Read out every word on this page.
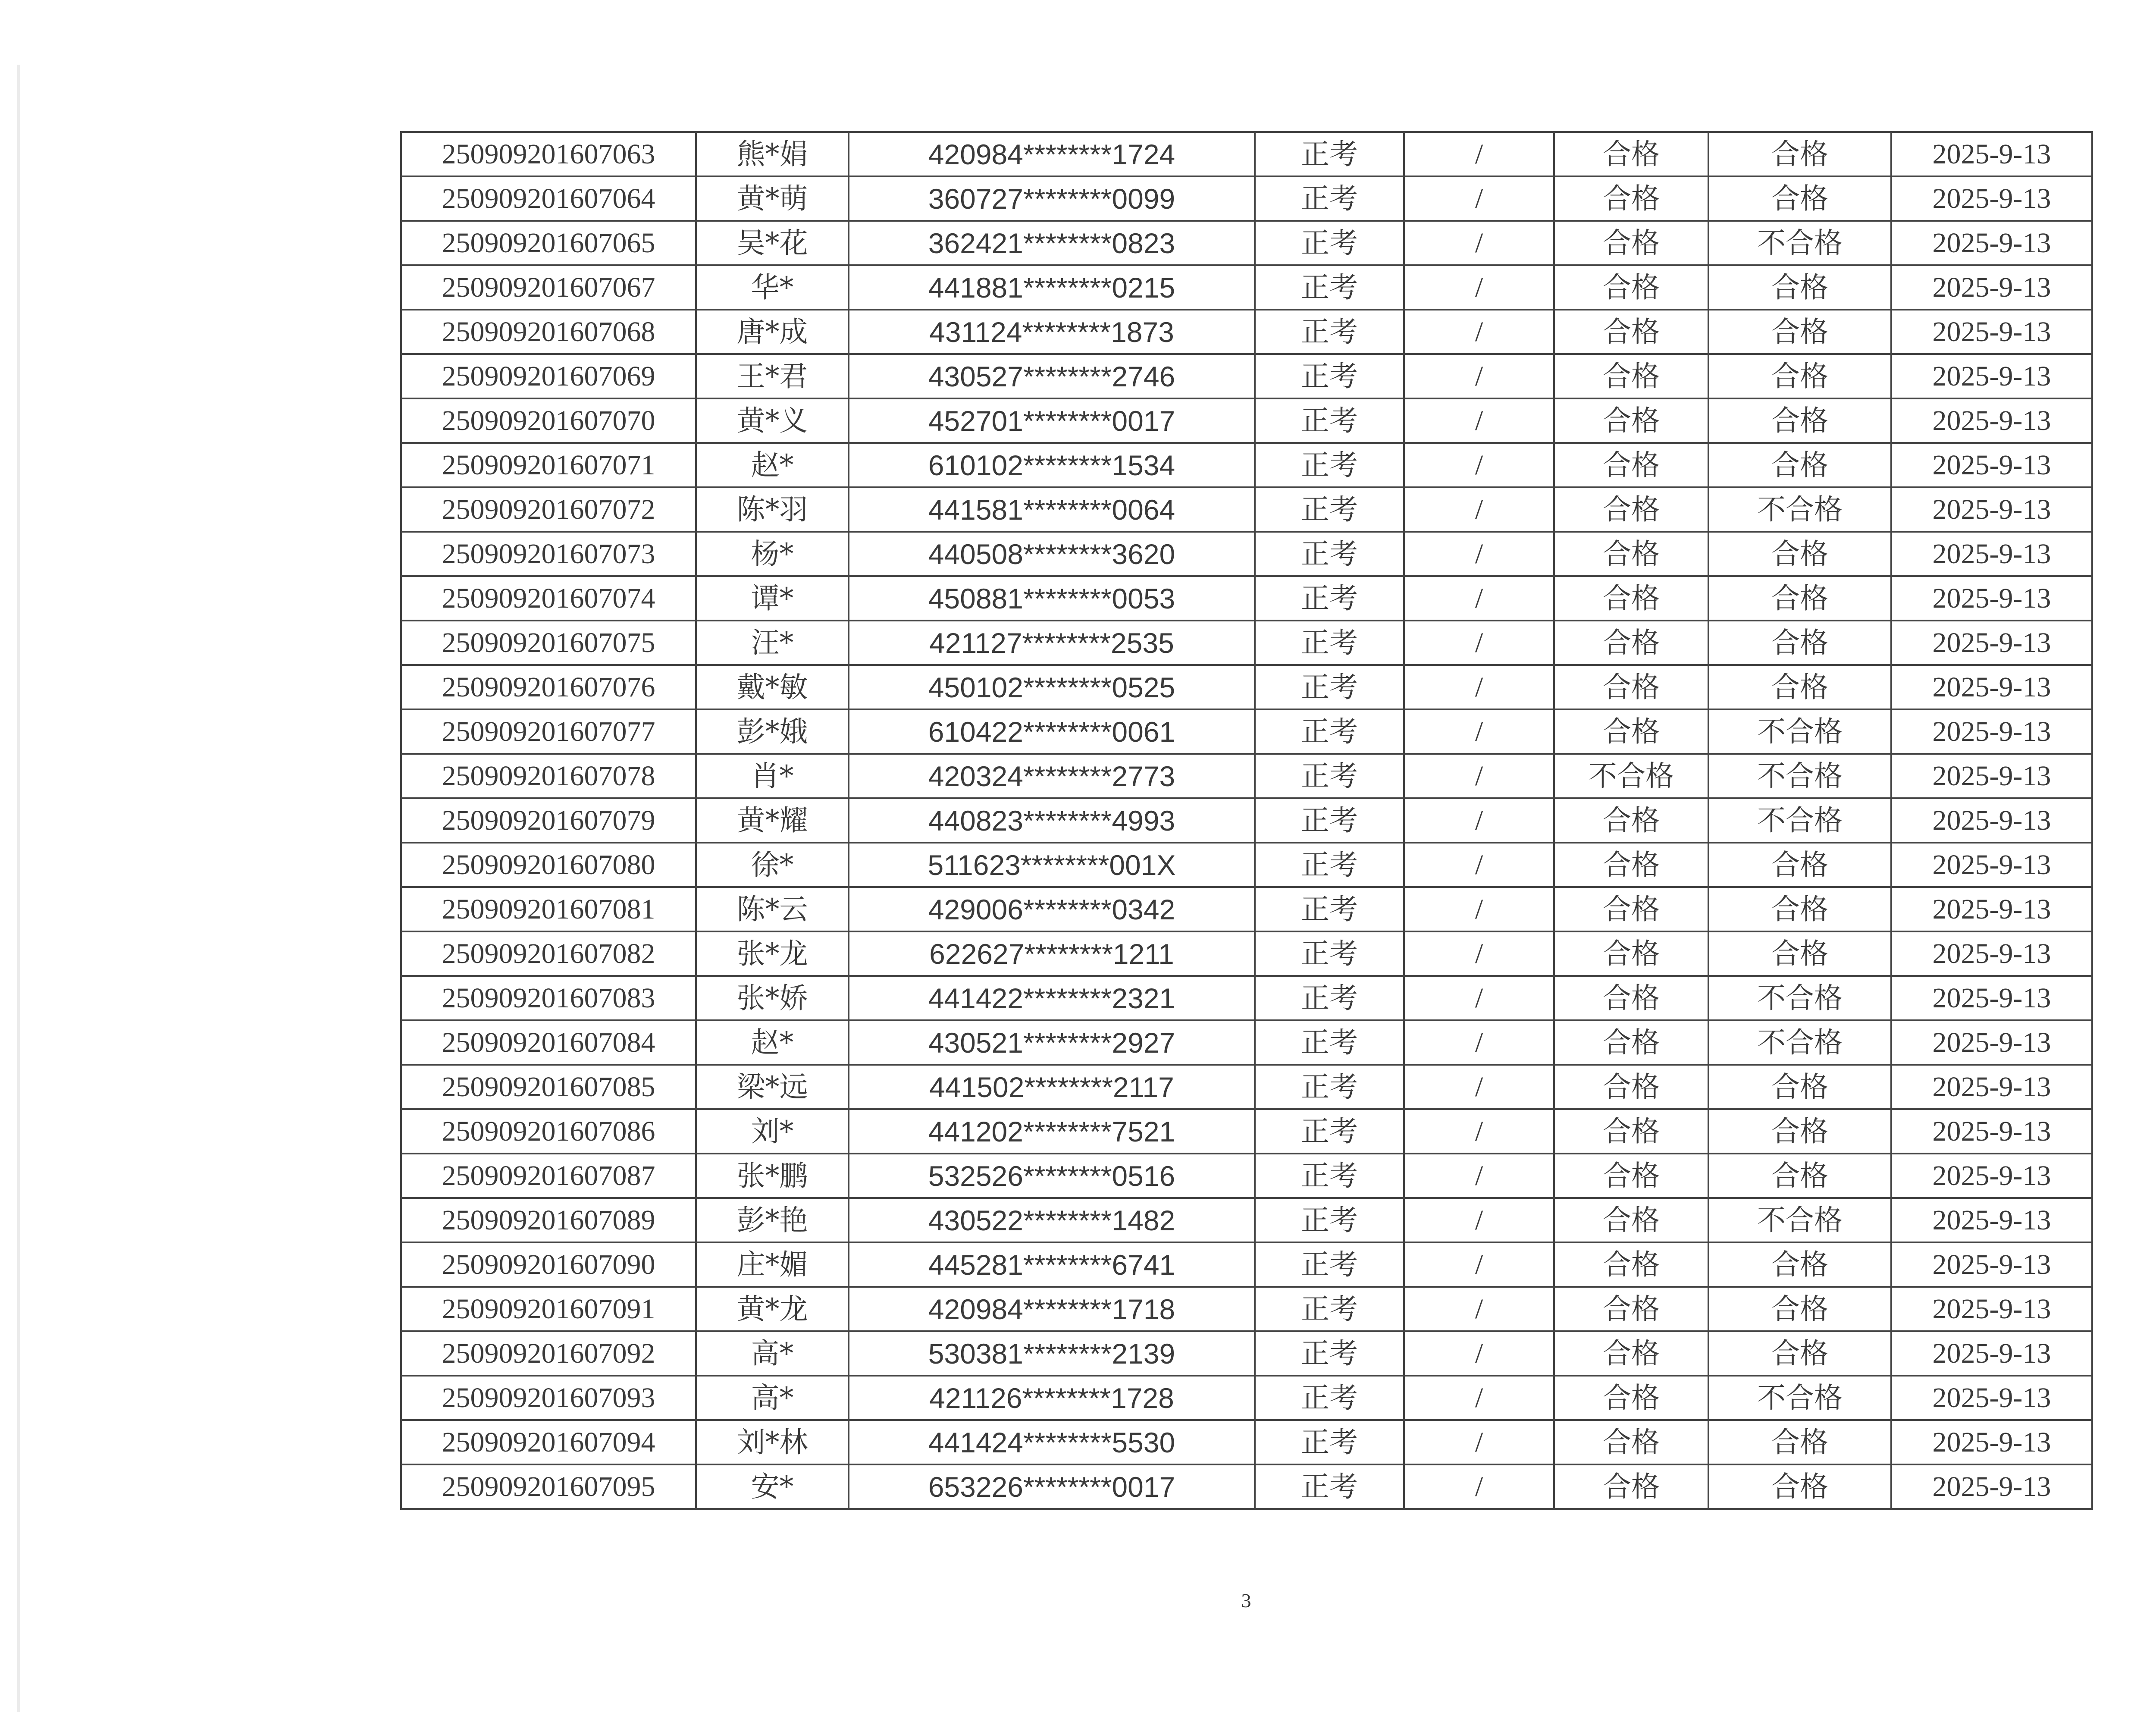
250909201607063	熊*娟	420984********1724	正考	/	合格	合格	2025-9-13
250909201607064	黄*萌	360727********0099	正考	/	合格	合格	2025-9-13
250909201607065	吴*花	362421********0823	正考	/	合格	不合格	2025-9-13
250909201607067	华*	441881********0215	正考	/	合格	合格	2025-9-13
250909201607068	唐*成	431124********1873	正考	/	合格	合格	2025-9-13
250909201607069	王*君	430527********2746	正考	/	合格	合格	2025-9-13
250909201607070	黄*义	452701********0017	正考	/	合格	合格	2025-9-13
250909201607071	赵*	610102********1534	正考	/	合格	合格	2025-9-13
250909201607072	陈*羽	441581********0064	正考	/	合格	不合格	2025-9-13
250909201607073	杨*	440508********3620	正考	/	合格	合格	2025-9-13
250909201607074	谭*	450881********0053	正考	/	合格	合格	2025-9-13
250909201607075	汪*	421127********2535	正考	/	合格	合格	2025-9-13
250909201607076	戴*敏	450102********0525	正考	/	合格	合格	2025-9-13
250909201607077	彭*娥	610422********0061	正考	/	合格	不合格	2025-9-13
250909201607078	肖*	420324********2773	正考	/	不合格	不合格	2025-9-13
250909201607079	黄*耀	440823********4993	正考	/	合格	不合格	2025-9-13
250909201607080	徐*	511623********001X	正考	/	合格	合格	2025-9-13
250909201607081	陈*云	429006********0342	正考	/	合格	合格	2025-9-13
250909201607082	张*龙	622627********1211	正考	/	合格	合格	2025-9-13
250909201607083	张*娇	441422********2321	正考	/	合格	不合格	2025-9-13
250909201607084	赵*	430521********2927	正考	/	合格	不合格	2025-9-13
250909201607085	梁*远	441502********2117	正考	/	合格	合格	2025-9-13
250909201607086	刘*	441202********7521	正考	/	合格	合格	2025-9-13
250909201607087	张*鹏	532526********0516	正考	/	合格	合格	2025-9-13
250909201607089	彭*艳	430522********1482	正考	/	合格	不合格	2025-9-13
250909201607090	庄*媚	445281********6741	正考	/	合格	合格	2025-9-13
250909201607091	黄*龙	420984********1718	正考	/	合格	合格	2025-9-13
250909201607092	高*	530381********2139	正考	/	合格	合格	2025-9-13
250909201607093	高*	421126********1728	正考	/	合格	不合格	2025-9-13
250909201607094	刘*林	441424********5530	正考	/	合格	合格	2025-9-13
250909201607095	安*	653226********0017	正考	/	合格	合格	2025-9-13
3
